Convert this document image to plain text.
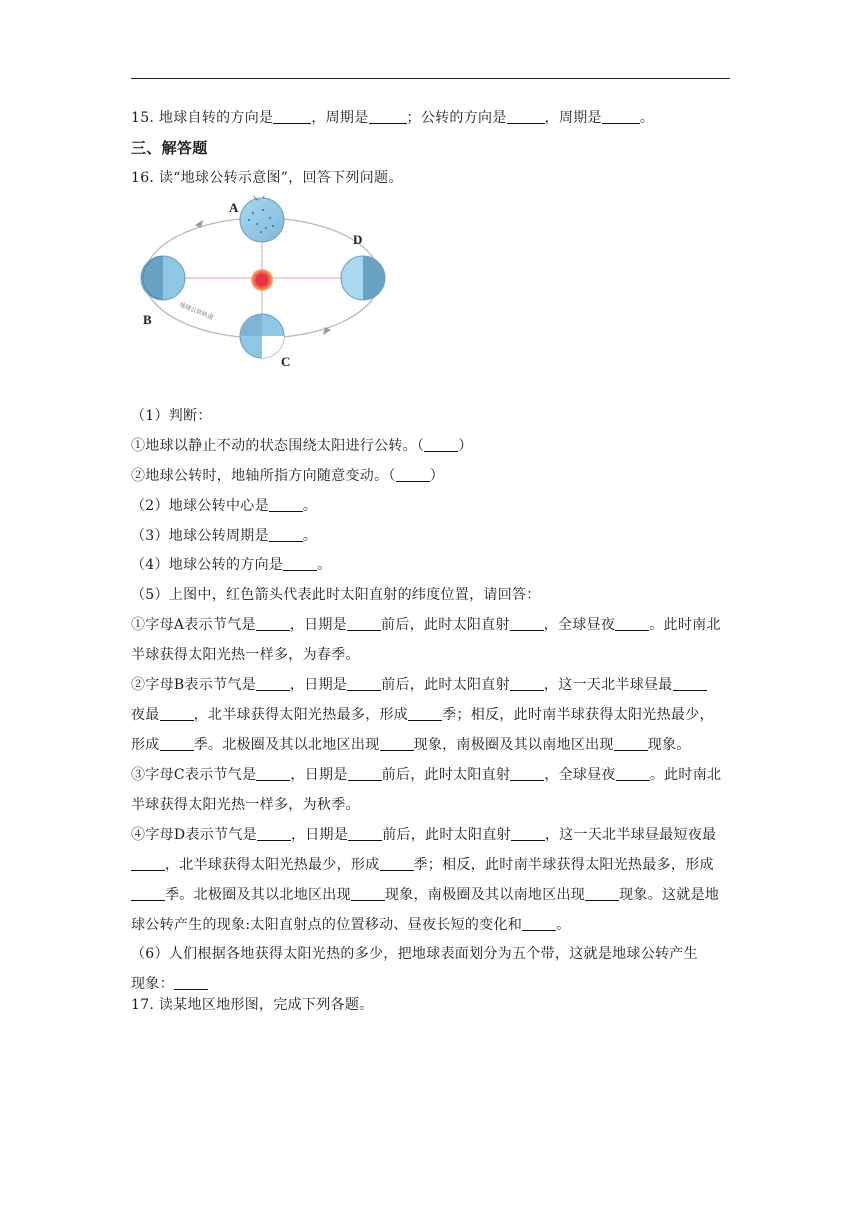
15. 地球自转的方向是	，周期是	；公转的方向是	，周期是	。
三、解答题
16. 读“地球公转示意图”，回答下列问题。
A
B
C
D
地球公转轨道
（1）判断：
①地球以静止不动的状态围绕太阳进行公转。（ ）
②地球公转时，地轴所指方向随意变动。（ ）
（2）地球公转中心是 。
（3）地球公转周期是 。
（4）地球公转的方向是 。
（5）上图中，红色箭头代表此时太阳直射的纬度位置，请回答：
①字母A表示节气是 ，日期是 前后，此时太阳直射 ，全球昼夜 。此时南北
半球获得太阳光热一样多，为春季。
②字母B表示节气是 ，日期是 前后，此时太阳直射 ，这一天北半球昼最
夜最 ，北半球获得太阳光热最多，形成 季；相反，此时南半球获得太阳光热最少，
形成 季。北极圈及其以北地区出现 现象，南极圈及其以南地区出现 现象。
③字母C表示节气是 ，日期是 前后，此时太阳直射 ，全球昼夜 。此时南北
半球获得太阳光热一样多，为秋季。
④字母D表示节气是 ，日期是 前后，此时太阳直射 ，这一天北半球昼最短夜最
，北半球获得太阳光热最少，形成 季；相反，此时南半球获得太阳光热最多，形成
季。北极圈及其以北地区出现 现象，南极圈及其以南地区出现 现象。这就是地
球公转产生的现象:太阳直射点的位置移动、昼夜长短的变化和 。
（6）人们根据各地获得太阳光热的多少，把地球表面划分为五个带，这就是地球公转产生
现象：
17. 读某地区地形图，完成下列各题。
